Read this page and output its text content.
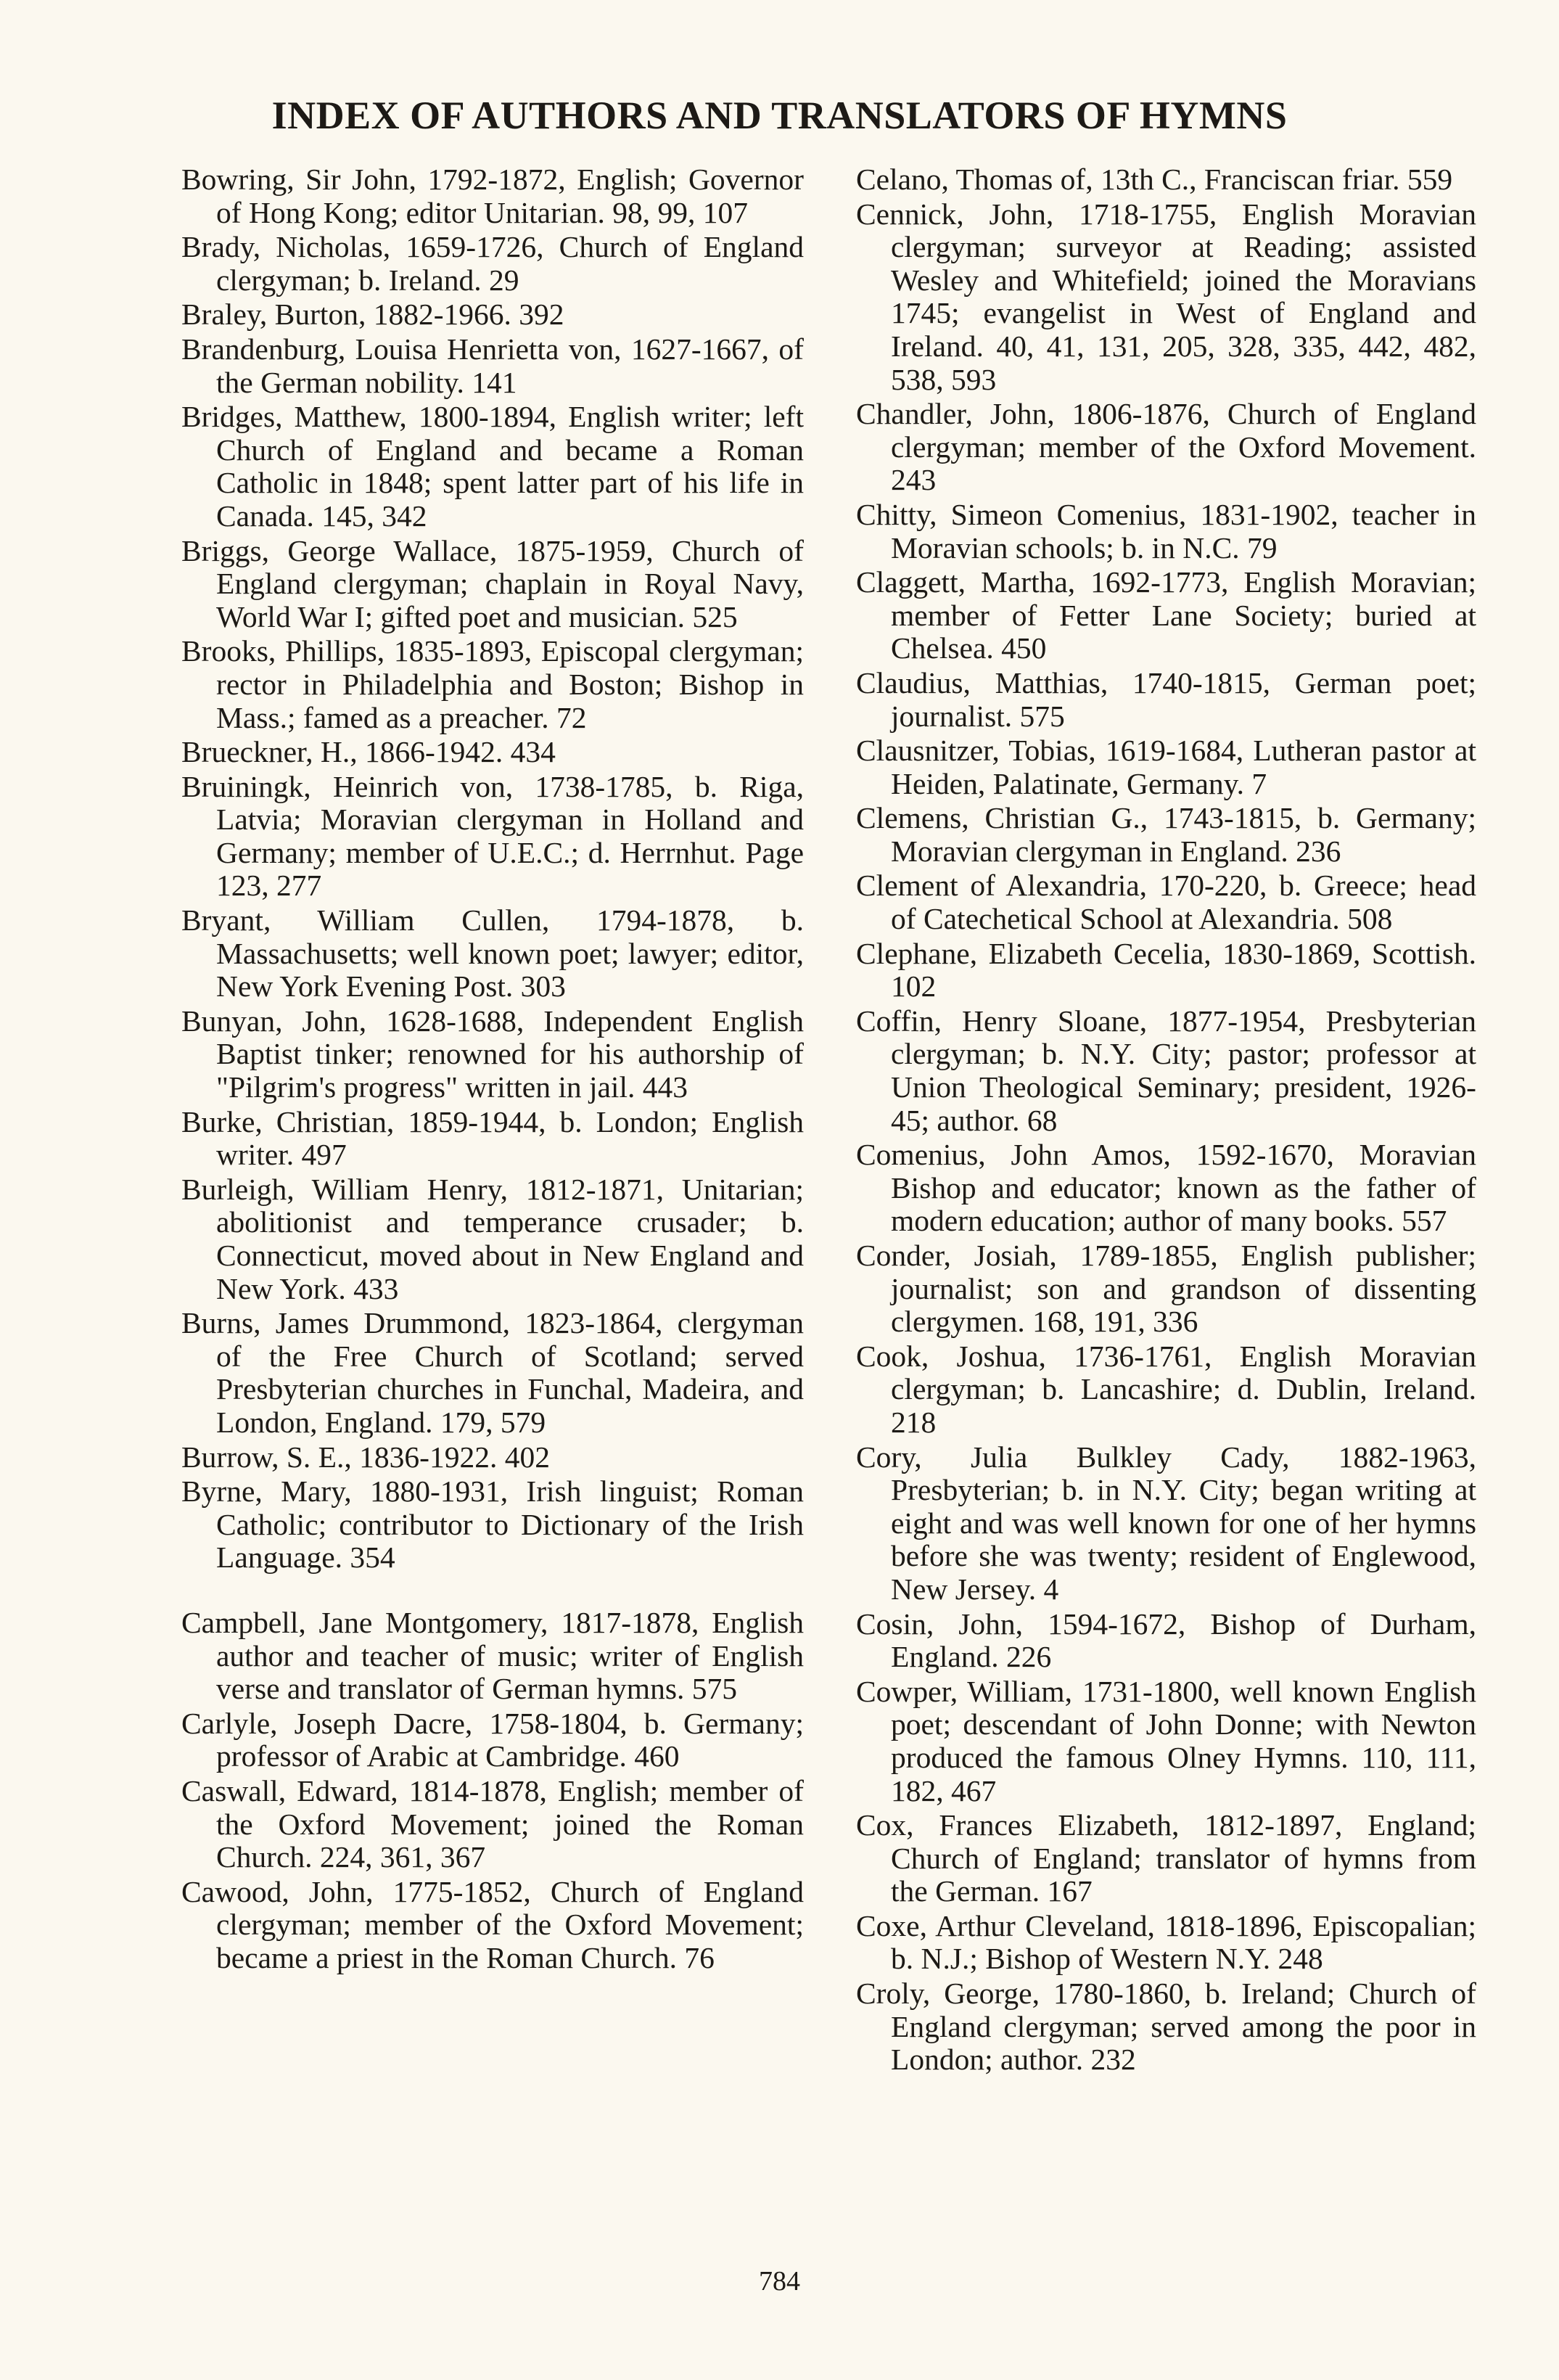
INDEX OF AUTHORS AND TRANSLATORS OF HYMNS

Bowring, Sir John, 1792-1872, English; Governor of Hong Kong; editor Unitarian. 98, 99, 107

Brady, Nicholas, 1659-1726, Church of England clergyman; b. Ireland. 29

Braley, Burton, 1882-1966. 392

Brandenburg, Louisa Henrietta von, 1627-1667, of the German nobility. 141

Bridges, Matthew, 1800-1894, English writer; left Church of England and became a Roman Catholic in 1848; spent latter part of his life in Canada. 145, 342

Briggs, George Wallace, 1875-1959, Church of England clergyman; chaplain in Royal Navy, World War I; gifted poet and musician. 525

Brooks, Phillips, 1835-1893, Episcopal clergyman; rector in Philadelphia and Boston; Bishop in Mass.; famed as a preacher. 72

Brueckner, H., 1866-1942. 434

Bruiningk, Heinrich von, 1738-1785, b. Riga, Latvia; Moravian clergyman in Holland and Germany; member of U.E.C.; d. Herrnhut. Page 123, 277

Bryant, William Cullen, 1794-1878, b. Massachusetts; well known poet; lawyer; editor, New York Evening Post. 303

Bunyan, John, 1628-1688, Independent English Baptist tinker; renowned for his authorship of "Pilgrim's progress" written in jail. 443

Burke, Christian, 1859-1944, b. London; English writer. 497

Burleigh, William Henry, 1812-1871, Unitarian; abolitionist and temperance crusader; b. Connecticut, moved about in New England and New York. 433

Burns, James Drummond, 1823-1864, clergyman of the Free Church of Scotland; served Presbyterian churches in Funchal, Madeira, and London, England. 179, 579

Burrow, S. E., 1836-1922. 402

Byrne, Mary, 1880-1931, Irish linguist; Roman Catholic; contributor to Dictionary of the Irish Language. 354

Campbell, Jane Montgomery, 1817-1878, English author and teacher of music; writer of English verse and translator of German hymns. 575

Carlyle, Joseph Dacre, 1758-1804, b. Germany; professor of Arabic at Cambridge. 460

Caswall, Edward, 1814-1878, English; member of the Oxford Movement; joined the Roman Church. 224, 361, 367

Cawood, John, 1775-1852, Church of England clergyman; member of the Oxford Movement; became a priest in the Roman Church. 76

Celano, Thomas of, 13th C., Franciscan friar. 559

Cennick, John, 1718-1755, English Moravian clergyman; surveyor at Reading; assisted Wesley and Whitefield; joined the Moravians 1745; evangelist in West of England and Ireland. 40, 41, 131, 205, 328, 335, 442, 482, 538, 593

Chandler, John, 1806-1876, Church of England clergyman; member of the Oxford Movement. 243

Chitty, Simeon Comenius, 1831-1902, teacher in Moravian schools; b. in N.C. 79

Claggett, Martha, 1692-1773, English Moravian; member of Fetter Lane Society; buried at Chelsea. 450

Claudius, Matthias, 1740-1815, German poet; journalist. 575

Clausnitzer, Tobias, 1619-1684, Lutheran pastor at Heiden, Palatinate, Germany. 7

Clemens, Christian G., 1743-1815, b. Germany; Moravian clergyman in England. 236

Clement of Alexandria, 170-220, b. Greece; head of Catechetical School at Alexandria. 508

Clephane, Elizabeth Cecelia, 1830-1869, Scottish. 102

Coffin, Henry Sloane, 1877-1954, Presbyterian clergyman; b. N.Y. City; pastor; professor at Union Theological Seminary; president, 1926-45; author. 68

Comenius, John Amos, 1592-1670, Moravian Bishop and educator; known as the father of modern education; author of many books. 557

Conder, Josiah, 1789-1855, English publisher; journalist; son and grandson of dissenting clergymen. 168, 191, 336

Cook, Joshua, 1736-1761, English Moravian clergyman; b. Lancashire; d. Dublin, Ireland. 218

Cory, Julia Bulkley Cady, 1882-1963, Presbyterian; b. in N.Y. City; began writing at eight and was well known for one of her hymns before she was twenty; resident of Englewood, New Jersey. 4

Cosin, John, 1594-1672, Bishop of Durham, England. 226

Cowper, William, 1731-1800, well known English poet; descendant of John Donne; with Newton produced the famous Olney Hymns. 110, 111, 182, 467

Cox, Frances Elizabeth, 1812-1897, England; Church of England; translator of hymns from the German. 167

Coxe, Arthur Cleveland, 1818-1896, Episcopalian; b. N.J.; Bishop of Western N.Y. 248

Croly, George, 1780-1860, b. Ireland; Church of England clergyman; served among the poor in London; author. 232

784
